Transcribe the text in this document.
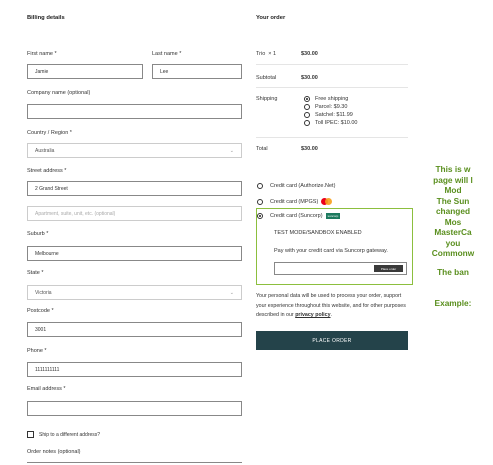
Billing details
First name *	Last name *
Jamie	Lee
Company name (optional)
Country / Region *
Australia	⌄
Street address *
2 Grand Street
Apartment, suite, unit, etc. (optional)
Suburb *
Melbourne
State *
Victoria	⌄
Postcode *
3001
Phone *
1111111111
Email address *
Ship to a different address?
Order notes (optional)
Your order
Trio × 1	$30.00
Subtotal	$30.00
Shipping	Free shipping
Parcel: $9.30
Satchel: $11.99
Toll IPEC: $10.00
Total	$30.00
Credit card (Authorize.Net)
Credit card (MPGS)
Credit card (Suncorp)	suncorp
TEST MODE/SANDBOX ENABLED
Pay with your credit card via Suncorp gateway.
Place order
Your personal data will be used to process your order, support your experience throughout this website, and for other purposes described in our privacy policy.
PLACE ORDER
This is w
page will l
Mod
The Sun
changed
Mos
MasterCa
you
Commonw
The ban
Example:
